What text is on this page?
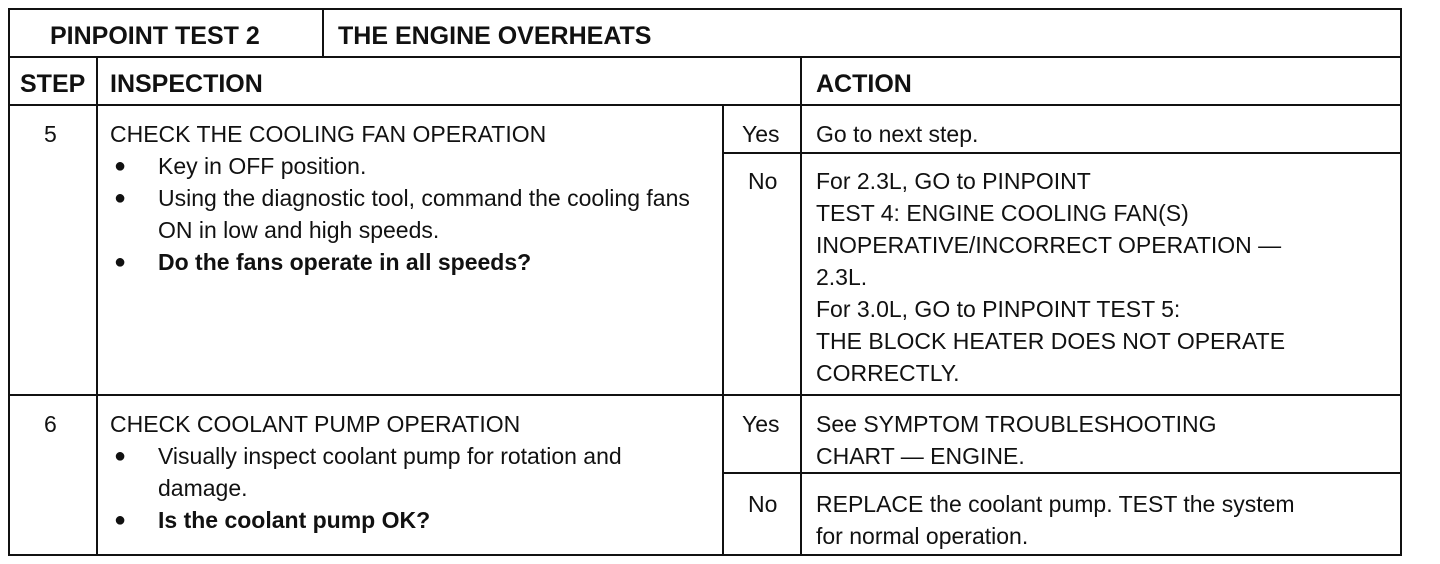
PINPOINT TEST 2	THE ENGINE OVERHEATS
STEP INSPECTION	ACTION
5 CHECK THE COOLING FAN OPERATION
● Key in OFF position.
● Using the diagnostic tool, command the cooling fans ON in low and high speeds.
● Do the fans operate in all speeds?
Yes Go to next step.
No For 2.3L, GO to PINPOINT
TEST 4: ENGINE COOLING FAN(S)
INOPERATIVE/INCORRECT OPERATION —
2.3L.
For 3.0L, GO to PINPOINT TEST 5:
THE BLOCK HEATER DOES NOT OPERATE
CORRECTLY.
6 CHECK COOLANT PUMP OPERATION
● Visually inspect coolant pump for rotation and damage.
● Is the coolant pump OK?
Yes See SYMPTOM TROUBLESHOOTING
CHART — ENGINE.
No REPLACE the coolant pump. TEST the system
for normal operation.
